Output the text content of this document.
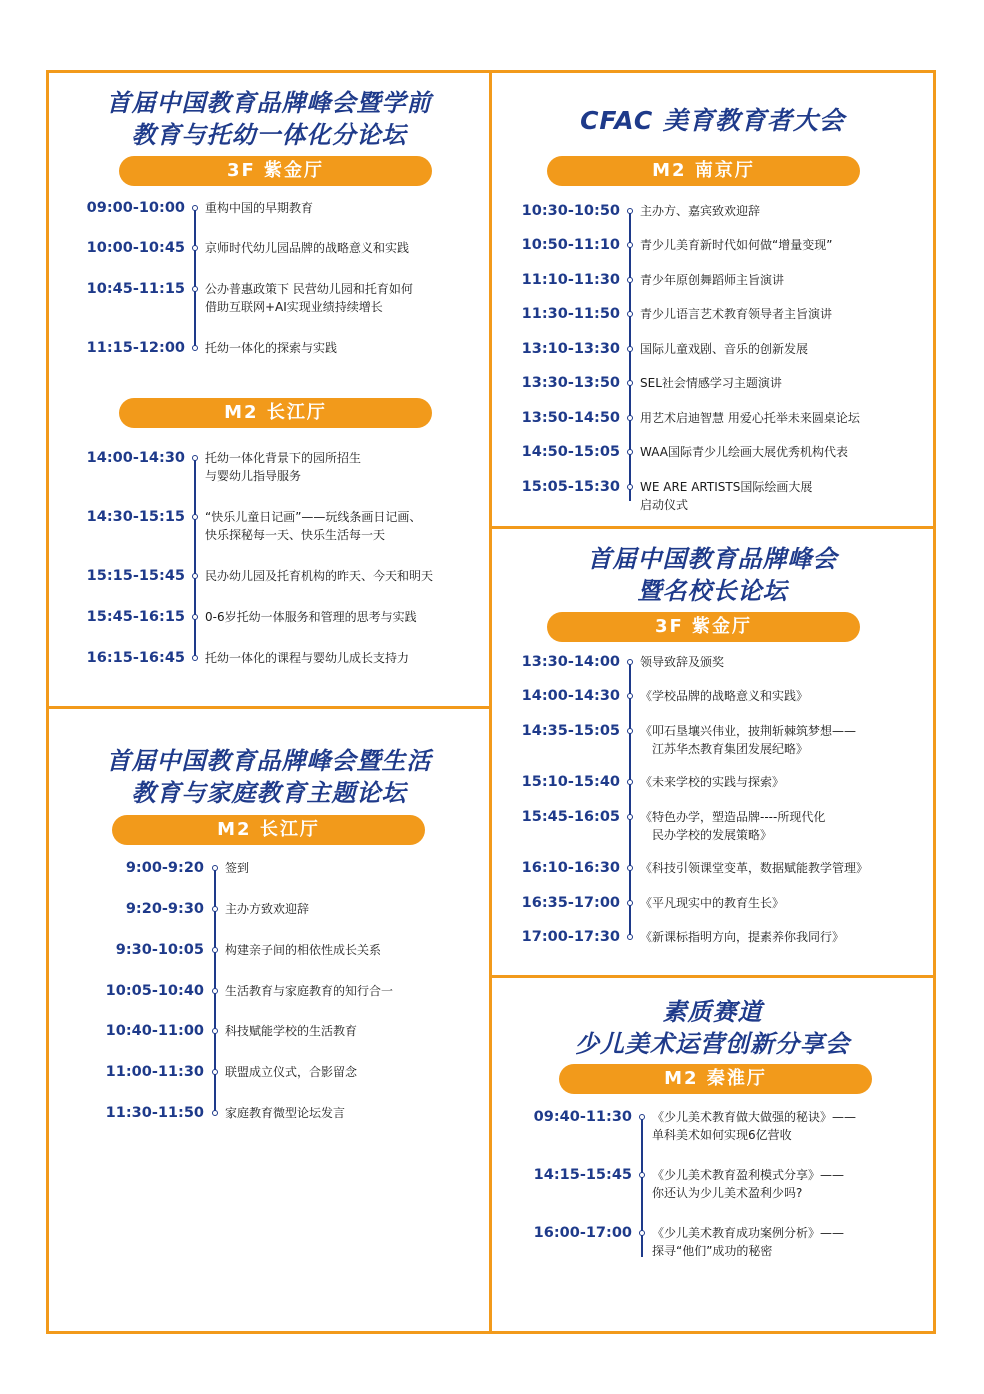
首届中国教育品牌峰会暨学前
教育与托幼一体化分论坛
3F 紫金厅
09:00-10:00 重构中国的早期教育
10:00-10:45 京师时代幼儿园品牌的战略意义和实践
10:45-11:15 公办普惠政策下 民营幼儿园和托育如何
借助互联网+AI实现业绩持续增长
11:15-12:00 托幼一体化的探索与实践
M2 长江厅
14:00-14:30 托幼一体化背景下的园所招生
与婴幼儿指导服务
14:30-15:15 “快乐儿童日记画”——玩线条画日记画、
快乐探秘每一天、快乐生活每一天
15:15-15:45 民办幼儿园及托育机构的昨天、今天和明天
15:45-16:15 0-6岁托幼一体服务和管理的思考与实践
16:15-16:45 托幼一体化的课程与婴幼儿成长支持力
首届中国教育品牌峰会暨生活
教育与家庭教育主题论坛
M2 长江厅
9:00-9:20 签到
9:20-9:30 主办方致欢迎辞
9:30-10:05 构建亲子间的相依性成长关系
10:05-10:40 生活教育与家庭教育的知行合一
10:40-11:00 科技赋能学校的生活教育
11:00-11:30 联盟成立仪式，合影留念
11:30-11:50 家庭教育微型论坛发言
CFAC 美育教育者大会
M2 南京厅
10:30-10:50 主办方、嘉宾致欢迎辞
10:50-11:10 青少儿美育新时代如何做“增量变现”
11:10-11:30 青少年原创舞蹈师主旨演讲
11:30-11:50 青少儿语言艺术教育领导者主旨演讲
13:10-13:30 国际儿童戏剧、音乐的创新发展
13:30-13:50 SEL社会情感学习主题演讲
13:50-14:50 用艺术启迪智慧 用爱心托举未来圆桌论坛
14:50-15:05 WAA国际青少儿绘画大展优秀机构代表
15:05-15:30 WE ARE ARTISTS国际绘画大展
启动仪式
首届中国教育品牌峰会
暨名校长论坛
3F 紫金厅
13:30-14:00 领导致辞及颁奖
14:00-14:30 《学校品牌的战略意义和实践》
14:35-15:05 《叩石垦壤兴伟业，披荆斩棘筑梦想——
　江苏华杰教育集团发展纪略》
15:10-15:40 《未来学校的实践与探索》
15:45-16:05 《特色办学，塑造品牌----所现代化
　民办学校的发展策略》
16:10-16:30 《科技引领课堂变革，数据赋能教学管理》
16:35-17:00 《平凡现实中的教育生长》
17:00-17:30 《新课标指明方向，提素养你我同行》
素质赛道
少儿美术运营创新分享会
M2 秦淮厅
09:40-11:30 《少儿美术教育做大做强的秘诀》——
单科美术如何实现6亿营收
14:15-15:45 《少儿美术教育盈利模式分享》——
你还认为少儿美术盈利少吗?
16:00-17:00 《少儿美术教育成功案例分析》——
探寻“他们”成功的秘密
